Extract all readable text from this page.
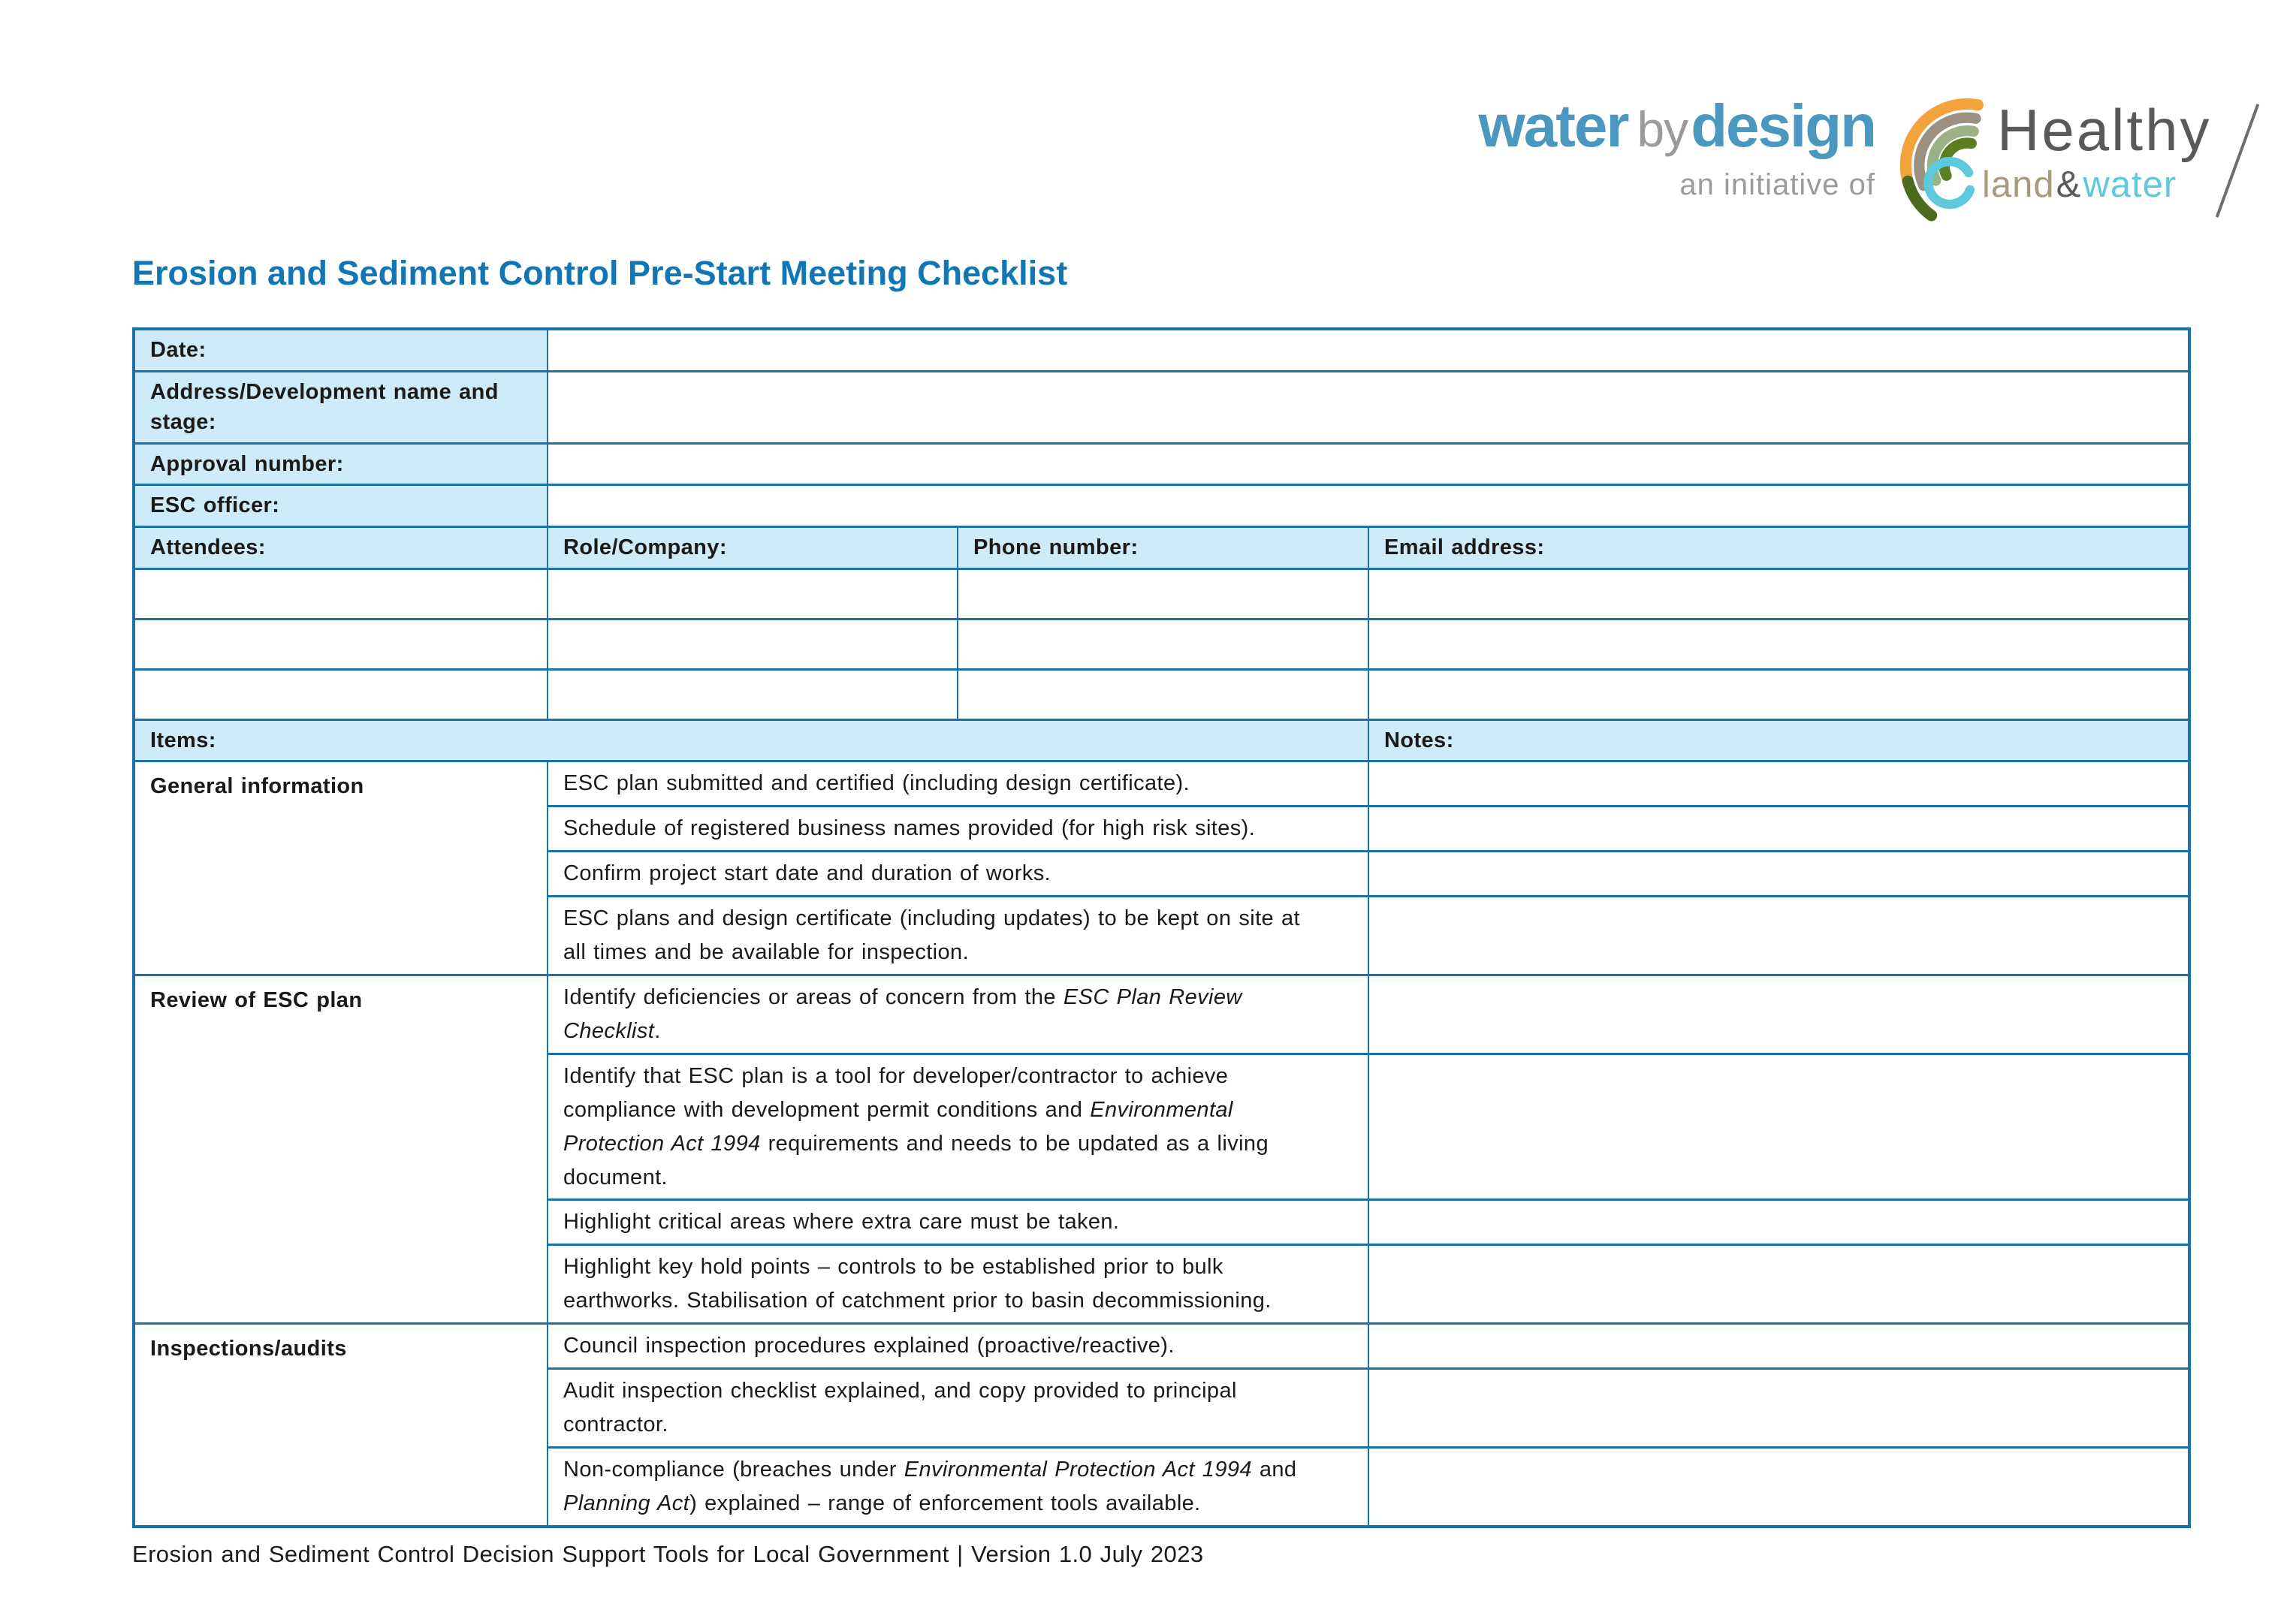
water bydesign
an initiative of
Healthy
land&water
Erosion and Sediment Control Pre-Start Meeting Checklist
Date:			
Address/Development name and stage:			
Approval number:			
ESC officer:			
Attendees:	Role/Company:	Phone number:	Email address:

Items:			Notes:
General information	ESC plan submitted and certified (including design certificate).		
	Schedule of registered business names provided (for high risk sites).		
	Confirm project start date and duration of works.		
	ESC plans and design certificate (including updates) to be kept on site at all times and be available for inspection.		
Review of ESC plan	Identify deficiencies or areas of concern from the ESC Plan Review Checklist.		
	Identify that ESC plan is a tool for developer/contractor to achieve compliance with development permit conditions and Environmental Protection Act 1994 requirements and needs to be updated as a living document.		
	Highlight critical areas where extra care must be taken.		
	Highlight key hold points – controls to be established prior to bulk earthworks. Stabilisation of catchment prior to basin decommissioning.		
Inspections/audits	Council inspection procedures explained (proactive/reactive).		
	Audit inspection checklist explained, and copy provided to principal contractor.		
	Non-compliance (breaches under Environmental Protection Act 1994 and Planning Act) explained – range of enforcement tools available.		
Erosion and Sediment Control Decision Support Tools for Local Government | Version 1.0 July 2023
